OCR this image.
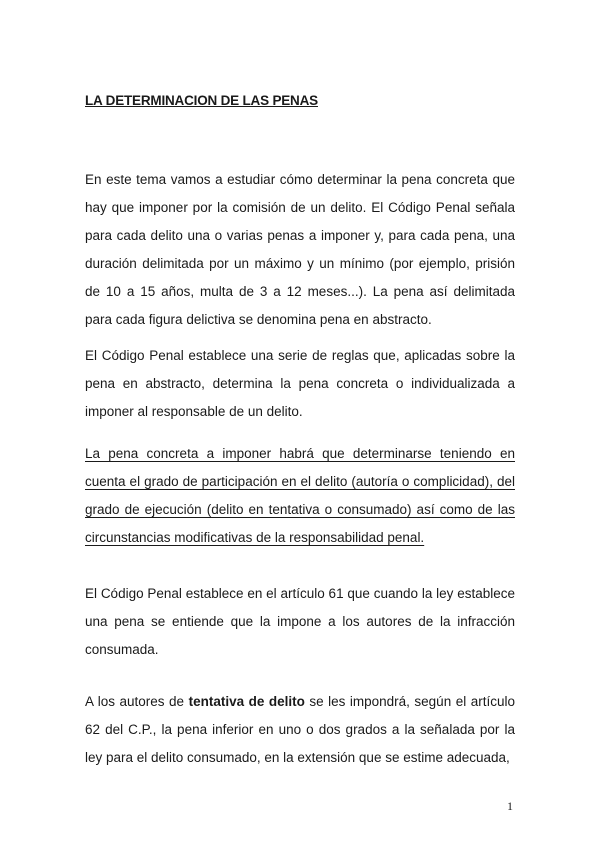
LA DETERMINACION DE LAS PENAS

En este tema vamos a estudiar cómo determinar la pena concreta que hay que imponer por la comisión de un delito. El Código Penal señala para cada delito una o varias penas a imponer y, para cada pena, una duración delimitada por un máximo y un mínimo (por ejemplo, prisión de 10 a 15 años, multa de 3 a 12 meses...). La pena así delimitada para cada figura delictiva se denomina pena en abstracto.

El Código Penal establece una serie de reglas que, aplicadas sobre la pena en abstracto, determina la pena concreta o individualizada a imponer al responsable de un delito.

La pena concreta a imponer habrá que determinarse teniendo en cuenta el grado de participación en el delito (autoría o complicidad), del grado de ejecución (delito en tentativa o consumado) así como de las circunstancias modificativas de la responsabilidad penal.

El Código Penal establece en el artículo 61 que cuando la ley establece una pena se entiende que la impone a los autores de la infracción consumada.

A los autores de tentativa de delito se les impondrá, según el artículo 62 del C.P., la pena inferior en uno o dos grados a la señalada por la ley para el delito consumado, en la extensión que se estime adecuada,

1
